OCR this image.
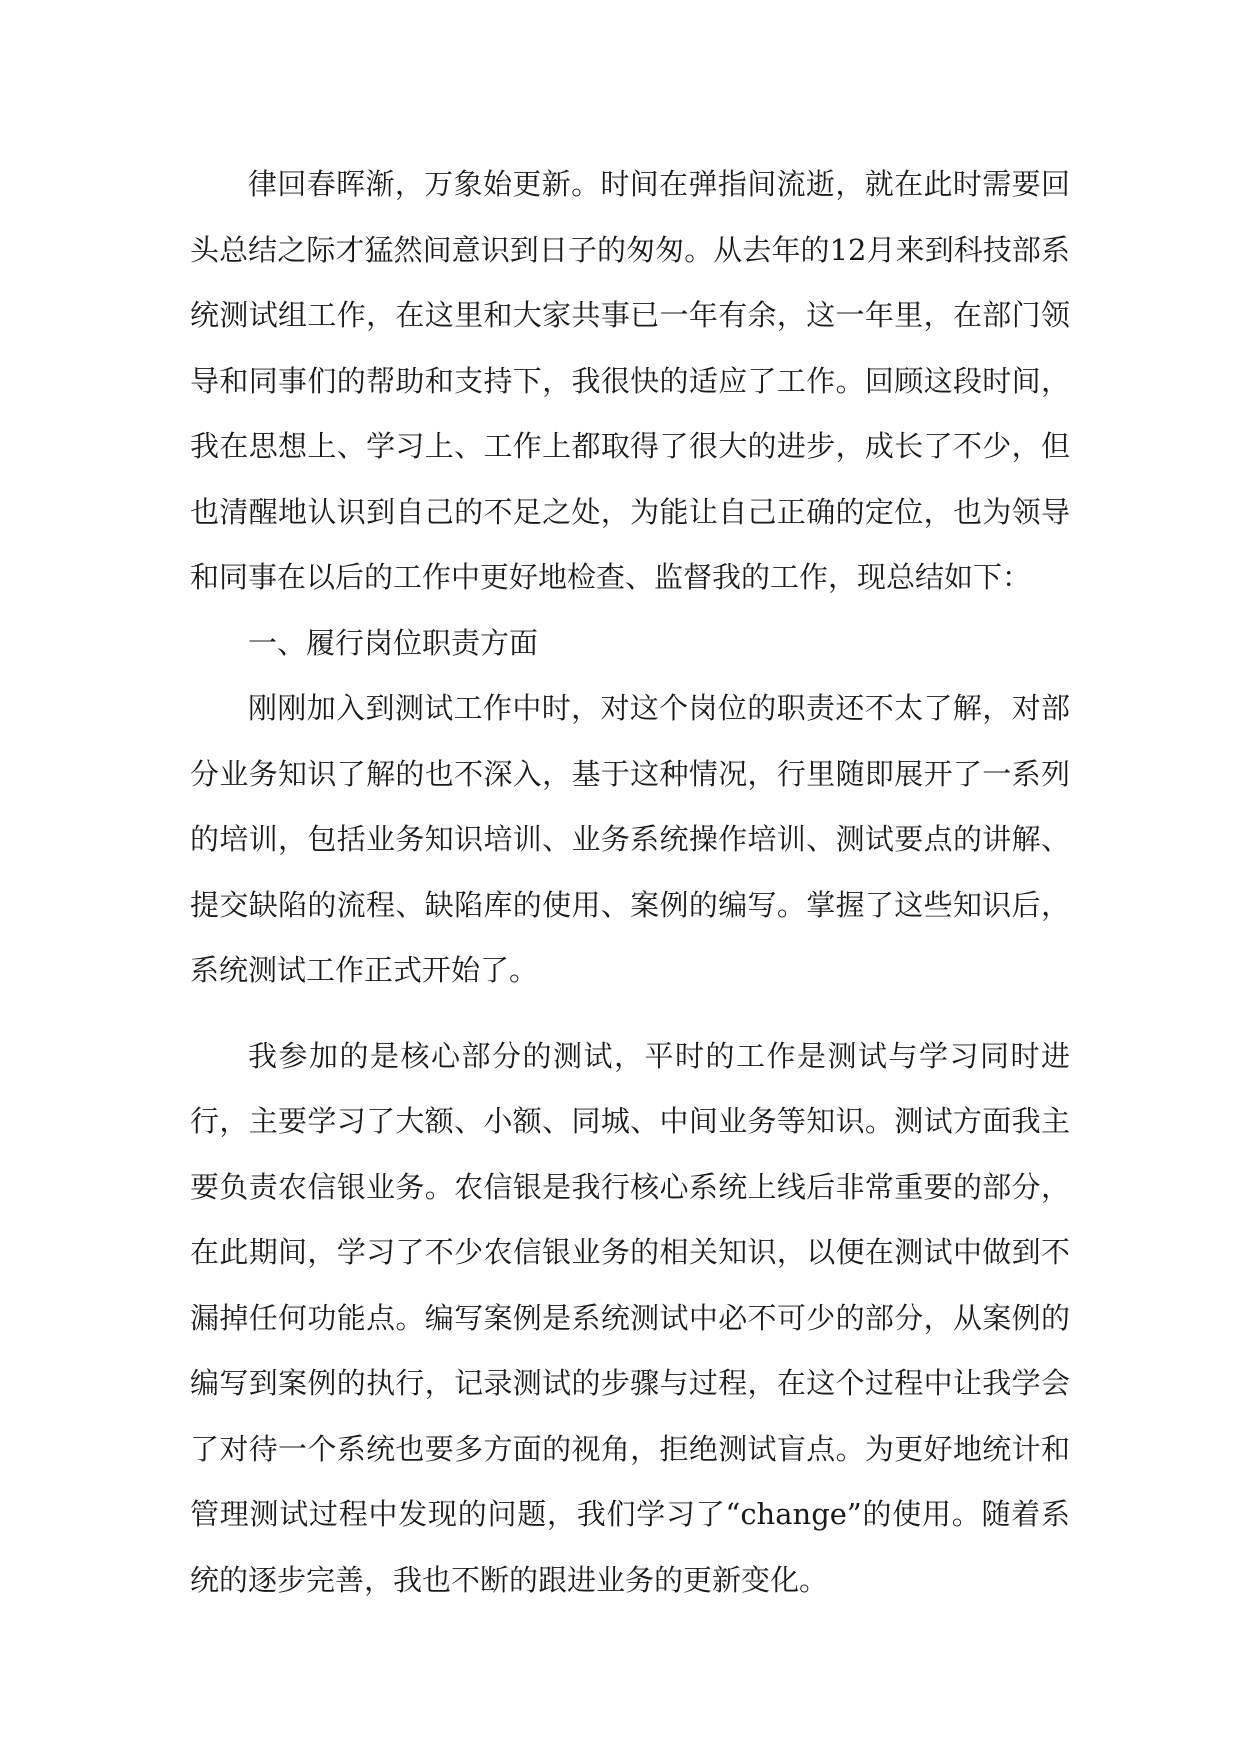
律回春晖渐，万象始更新。时间在弹指间流逝，就在此时需要回头总结之际才猛然间意识到日子的匆匆。从去年的12月来到科技部系统测试组工作，在这里和大家共事已一年有余，这一年里，在部门领导和同事们的帮助和支持下，我很快的适应了工作。回顾这段时间，我在思想上、学习上、工作上都取得了很大的进步，成长了不少，但也清醒地认识到自己的不足之处，为能让自己正确的定位，也为领导和同事在以后的工作中更好地检查、监督我的工作，现总结如下：

一、履行岗位职责方面

刚刚加入到测试工作中时，对这个岗位的职责还不太了解，对部分业务知识了解的也不深入，基于这种情况，行里随即展开了一系列的培训，包括业务知识培训、业务系统操作培训、测试要点的讲解、提交缺陷的流程、缺陷库的使用、案例的编写。掌握了这些知识后，系统测试工作正式开始了。

我参加的是核心部分的测试，平时的工作是测试与学习同时进行，主要学习了大额、小额、同城、中间业务等知识。测试方面我主要负责农信银业务。农信银是我行核心系统上线后非常重要的部分，在此期间，学习了不少农信银业务的相关知识，以便在测试中做到不漏掉任何功能点。编写案例是系统测试中必不可少的部分，从案例的编写到案例的执行，记录测试的步骤与过程，在这个过程中让我学会了对待一个系统也要多方面的视角，拒绝测试盲点。为更好地统计和管理测试过程中发现的问题，我们学习了“change”的使用。随着系统的逐步完善，我也不断的跟进业务的更新变化。
